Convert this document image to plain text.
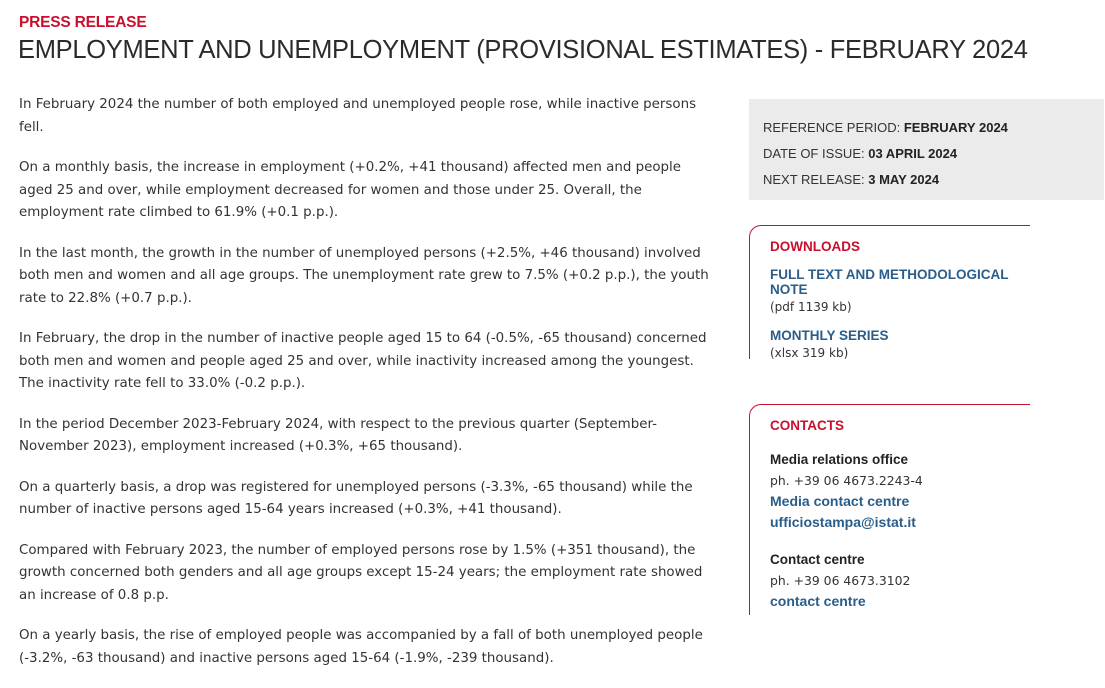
PRESS RELEASE
EMPLOYMENT AND UNEMPLOYMENT (PROVISIONAL ESTIMATES) - FEBRUARY 2024

In February 2024 the number of both employed and unemployed people rose, while inactive persons fell.

On a monthly basis, the increase in employment (+0.2%, +41 thousand) affected men and people aged 25 and over, while employment decreased for women and those under 25. Overall, the employment rate climbed to 61.9% (+0.1 p.p.).

In the last month, the growth in the number of unemployed persons (+2.5%, +46 thousand) involved both men and women and all age groups. The unemployment rate grew to 7.5% (+0.2 p.p.), the youth rate to 22.8% (+0.7 p.p.).

In February, the drop in the number of inactive people aged 15 to 64 (-0.5%, -65 thousand) concerned both men and women and people aged 25 and over, while inactivity increased among the youngest. The inactivity rate fell to 33.0% (-0.2 p.p.).

In the period December 2023-February 2024, with respect to the previous quarter (September-November 2023), employment increased (+0.3%, +65 thousand).

On a quarterly basis, a drop was registered for unemployed persons (-3.3%, -65 thousand) while the number of inactive persons aged 15-64 years increased (+0.3%, +41 thousand).

Compared with February 2023, the number of employed persons rose by 1.5% (+351 thousand), the growth concerned both genders and all age groups except 15-24 years; the employment rate showed an increase of 0.8 p.p.

On a yearly basis, the rise of employed people was accompanied by a fall of both unemployed people (-3.2%, -63 thousand) and inactive persons aged 15-64 (-1.9%, -239 thousand).

REFERENCE PERIOD: FEBRUARY 2024
DATE OF ISSUE: 03 APRIL 2024
NEXT RELEASE: 3 MAY 2024
DOWNLOADS
FULL TEXT AND METHODOLOGICAL NOTE
(pdf 1139 kb)
MONTHLY SERIES
(xlsx 319 kb)
CONTACTS
Media relations office
ph. +39 06 4673.2243-4
Media contact centre
ufficiostampa@istat.it
Contact centre
ph. +39 06 4673.3102
contact centre
